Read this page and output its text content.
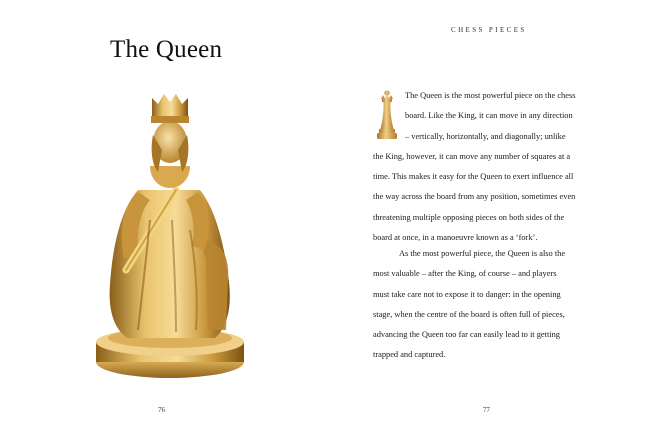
The Queen
76
CHESS PIECES
The Queen is the most powerful piece on the chess
board. Like the King, it can move in any direction
– vertically, horizontally, and diagonally; unlike
the King, however, it can move any number of squares at a
time. This makes it easy for the Queen to exert influence all
the way across the board from any position, sometimes even
threatening multiple opposing pieces on both sides of the
board at once, in a manoeuvre known as a ‘fork’.
As the most powerful piece, the Queen is also the
most valuable – after the King, of course – and players
must take care not to expose it to danger: in the opening
stage, when the centre of the board is often full of pieces,
advancing the Queen too far can easily lead to it getting
trapped and captured.
77
